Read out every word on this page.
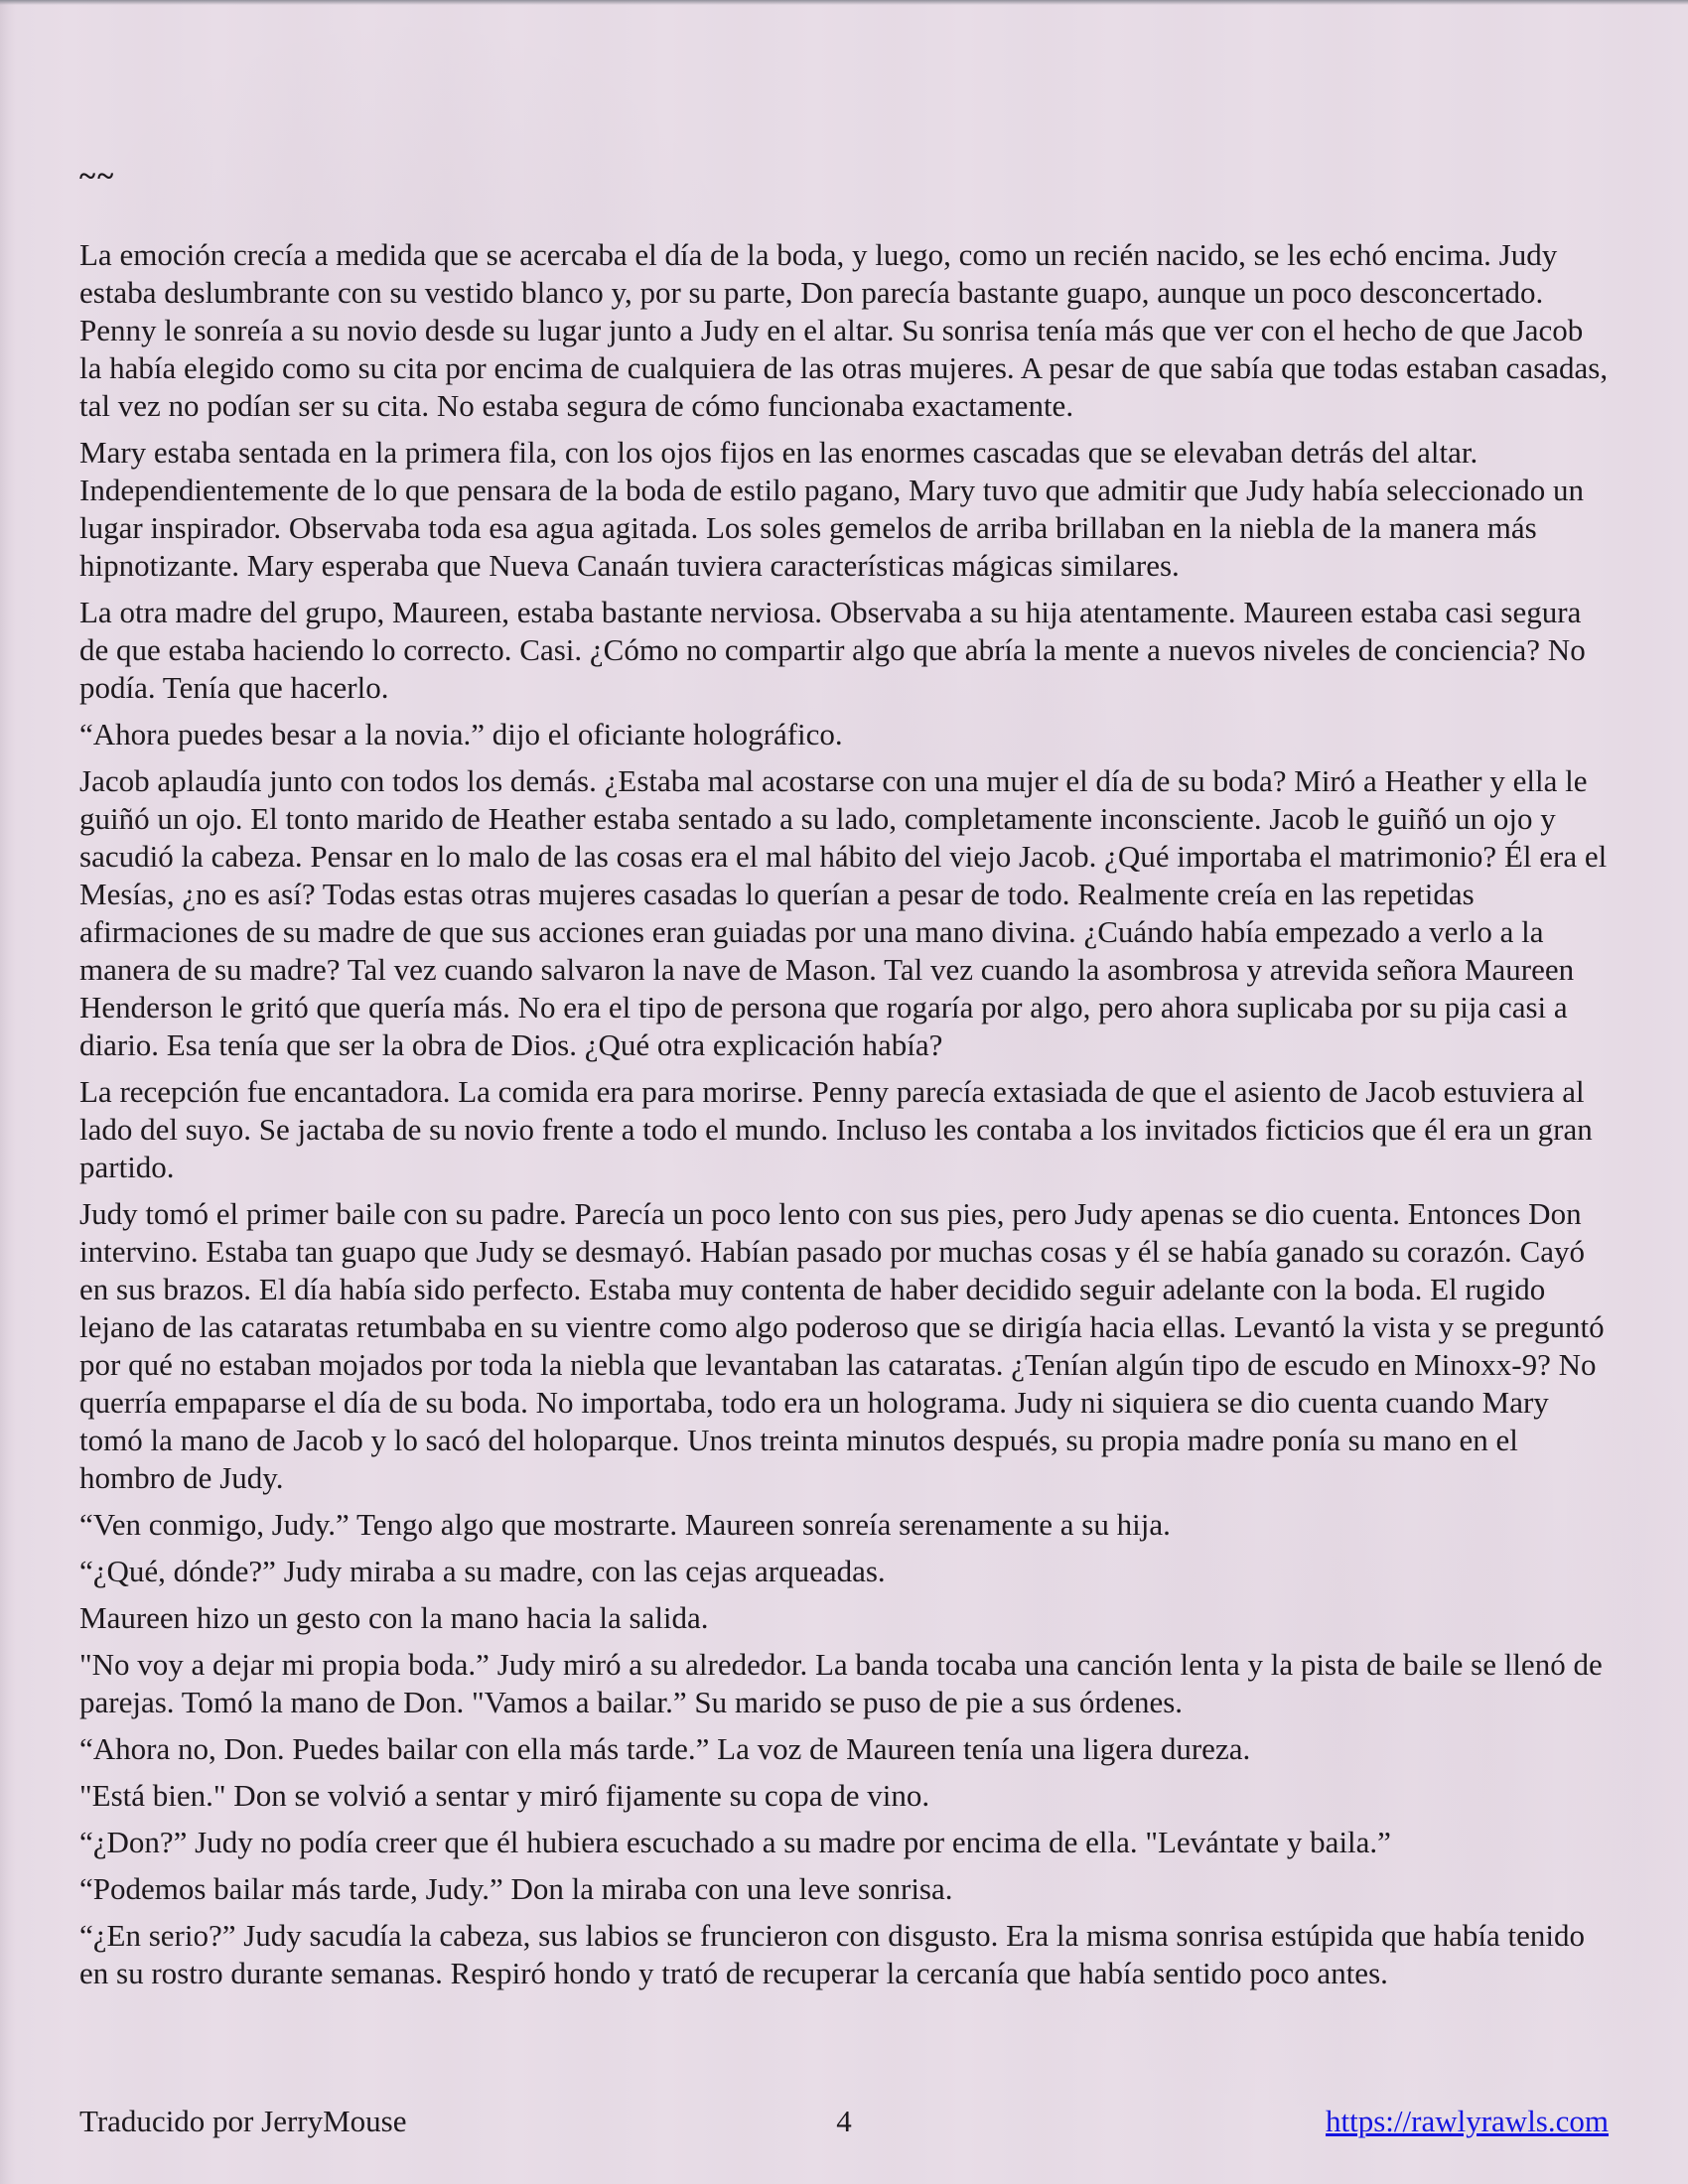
~~

La emoción crecía a medida que se acercaba el día de la boda, y luego, como un recién nacido, se les echó encima. Judy estaba deslumbrante con su vestido blanco y, por su parte, Don parecía bastante guapo, aunque un poco desconcertado. Penny le sonreía a su novio desde su lugar junto a Judy en el altar. Su sonrisa tenía más que ver con el hecho de que Jacob la había elegido como su cita por encima de cualquiera de las otras mujeres. A pesar de que sabía que todas estaban casadas, tal vez no podían ser su cita. No estaba segura de cómo funcionaba exactamente.

Mary estaba sentada en la primera fila, con los ojos fijos en las enormes cascadas que se elevaban detrás del altar. Independientemente de lo que pensara de la boda de estilo pagano, Mary tuvo que admitir que Judy había seleccionado un lugar inspirador. Observaba toda esa agua agitada. Los soles gemelos de arriba brillaban en la niebla de la manera más hipnotizante. Mary esperaba que Nueva Canaán tuviera características mágicas similares.

La otra madre del grupo, Maureen, estaba bastante nerviosa. Observaba a su hija atentamente. Maureen estaba casi segura de que estaba haciendo lo correcto. Casi. ¿Cómo no compartir algo que abría la mente a nuevos niveles de conciencia? No podía. Tenía que hacerlo.

“Ahora puedes besar a la novia.” dijo el oficiante holográfico.

Jacob aplaudía junto con todos los demás. ¿Estaba mal acostarse con una mujer el día de su boda? Miró a Heather y ella le guiñó un ojo. El tonto marido de Heather estaba sentado a su lado, completamente inconsciente. Jacob le guiñó un ojo y sacudió la cabeza. Pensar en lo malo de las cosas era el mal hábito del viejo Jacob. ¿Qué importaba el matrimonio? Él era el Mesías, ¿no es así? Todas estas otras mujeres casadas lo querían a pesar de todo. Realmente creía en las repetidas afirmaciones de su madre de que sus acciones eran guiadas por una mano divina. ¿Cuándo había empezado a verlo a la manera de su madre? Tal vez cuando salvaron la nave de Mason. Tal vez cuando la asombrosa y atrevida señora Maureen Henderson le gritó que quería más. No era el tipo de persona que rogaría por algo, pero ahora suplicaba por su pija casi a diario. Esa tenía que ser la obra de Dios. ¿Qué otra explicación había?

La recepción fue encantadora. La comida era para morirse. Penny parecía extasiada de que el asiento de Jacob estuviera al lado del suyo. Se jactaba de su novio frente a todo el mundo. Incluso les contaba a los invitados ficticios que él era un gran partido.

Judy tomó el primer baile con su padre. Parecía un poco lento con sus pies, pero Judy apenas se dio cuenta. Entonces Don intervino. Estaba tan guapo que Judy se desmayó. Habían pasado por muchas cosas y él se había ganado su corazón. Cayó en sus brazos. El día había sido perfecto. Estaba muy contenta de haber decidido seguir adelante con la boda. El rugido lejano de las cataratas retumbaba en su vientre como algo poderoso que se dirigía hacia ellas. Levantó la vista y se preguntó por qué no estaban mojados por toda la niebla que levantaban las cataratas. ¿Tenían algún tipo de escudo en Minoxx-9? No querría empaparse el día de su boda. No importaba, todo era un holograma. Judy ni siquiera se dio cuenta cuando Mary tomó la mano de Jacob y lo sacó del holoparque. Unos treinta minutos después, su propia madre ponía su mano en el hombro de Judy.

“Ven conmigo, Judy.” Tengo algo que mostrarte. Maureen sonreía serenamente a su hija.

“¿Qué, dónde?” Judy miraba a su madre, con las cejas arqueadas.

Maureen hizo un gesto con la mano hacia la salida.

"No voy a dejar mi propia boda.” Judy miró a su alrededor. La banda tocaba una canción lenta y la pista de baile se llenó de parejas. Tomó la mano de Don. "Vamos a bailar.” Su marido se puso de pie a sus órdenes.

“Ahora no, Don. Puedes bailar con ella más tarde.” La voz de Maureen tenía una ligera dureza.

"Está bien." Don se volvió a sentar y miró fijamente su copa de vino.

“¿Don?” Judy no podía creer que él hubiera escuchado a su madre por encima de ella. "Levántate y baila.”

“Podemos bailar más tarde, Judy.” Don la miraba con una leve sonrisa.

“¿En serio?” Judy sacudía la cabeza, sus labios se fruncieron con disgusto. Era la misma sonrisa estúpida que había tenido en su rostro durante semanas. Respiró hondo y trató de recuperar la cercanía que había sentido poco antes.

Traducido por JerryMouse	4	https://rawlyrawls.com
